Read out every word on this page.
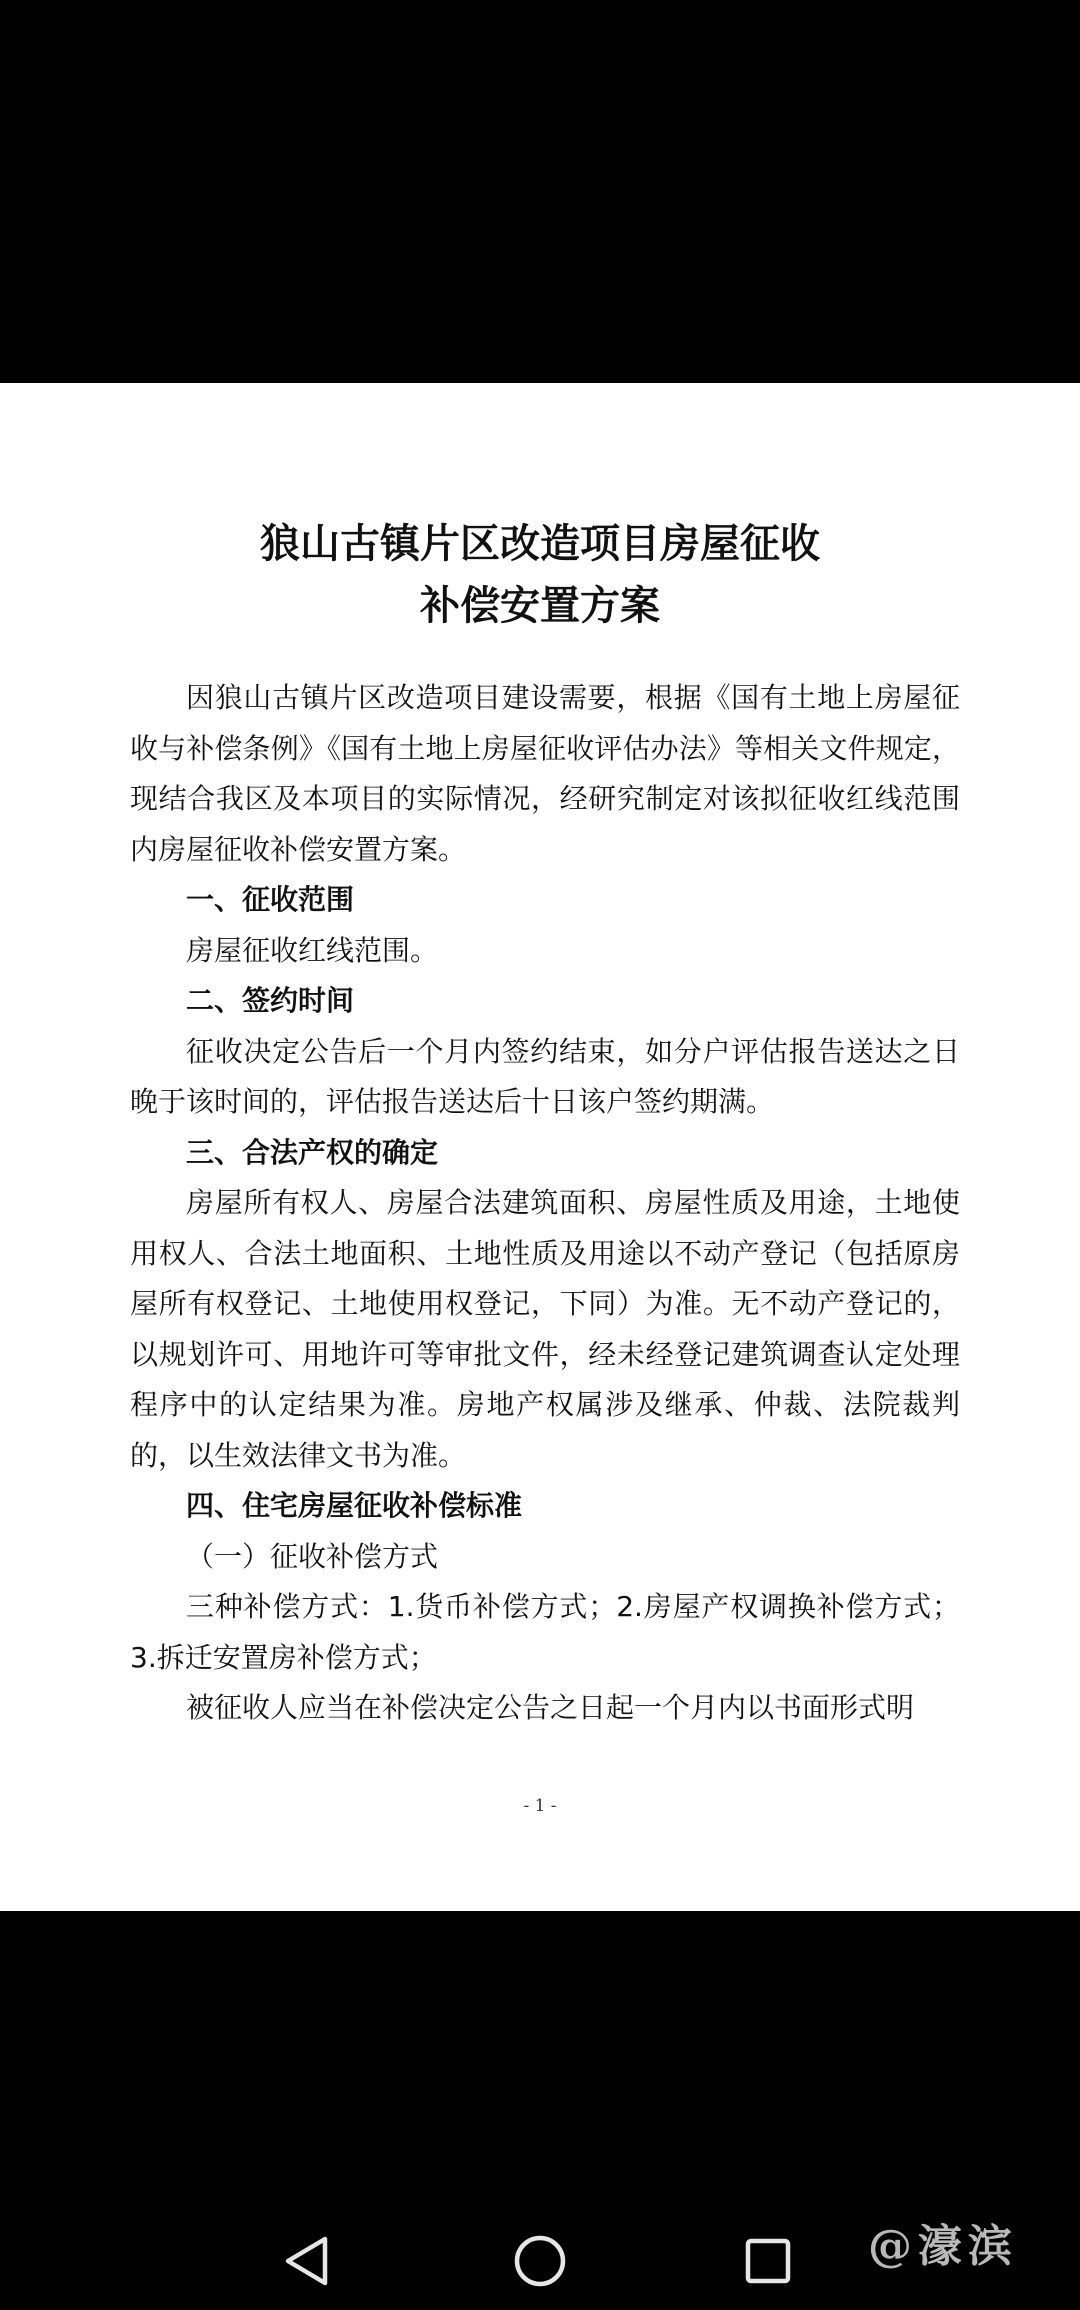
狼山古镇片区改造项目房屋征收
补偿安置方案

因狼山古镇片区改造项目建设需要，根据《国有土地上房屋征收与补偿条例》《国有土地上房屋征收评估办法》等相关文件规定，现结合我区及本项目的实际情况，经研究制定对该拟征收红线范围内房屋征收补偿安置方案。

一、征收范围

房屋征收红线范围。

二、签约时间

征收决定公告后一个月内签约结束，如分户评估报告送达之日晚于该时间的，评估报告送达后十日该户签约期满。

三、合法产权的确定

房屋所有权人、房屋合法建筑面积、房屋性质及用途，土地使用权人、合法土地面积、土地性质及用途以不动产登记（包括原房屋所有权登记、土地使用权登记，下同）为准。无不动产登记的，以规划许可、用地许可等审批文件，经未经登记建筑调查认定处理程序中的认定结果为准。房地产权属涉及继承、仲裁、法院裁判的，以生效法律文书为准。

四、住宅房屋征收补偿标准

（一）征收补偿方式

三种补偿方式：1.货币补偿方式；2.房屋产权调换补偿方式；3.拆迁安置房补偿方式；

被征收人应当在补偿决定公告之日起一个月内以书面形式明

- 1 -
@濠滨
